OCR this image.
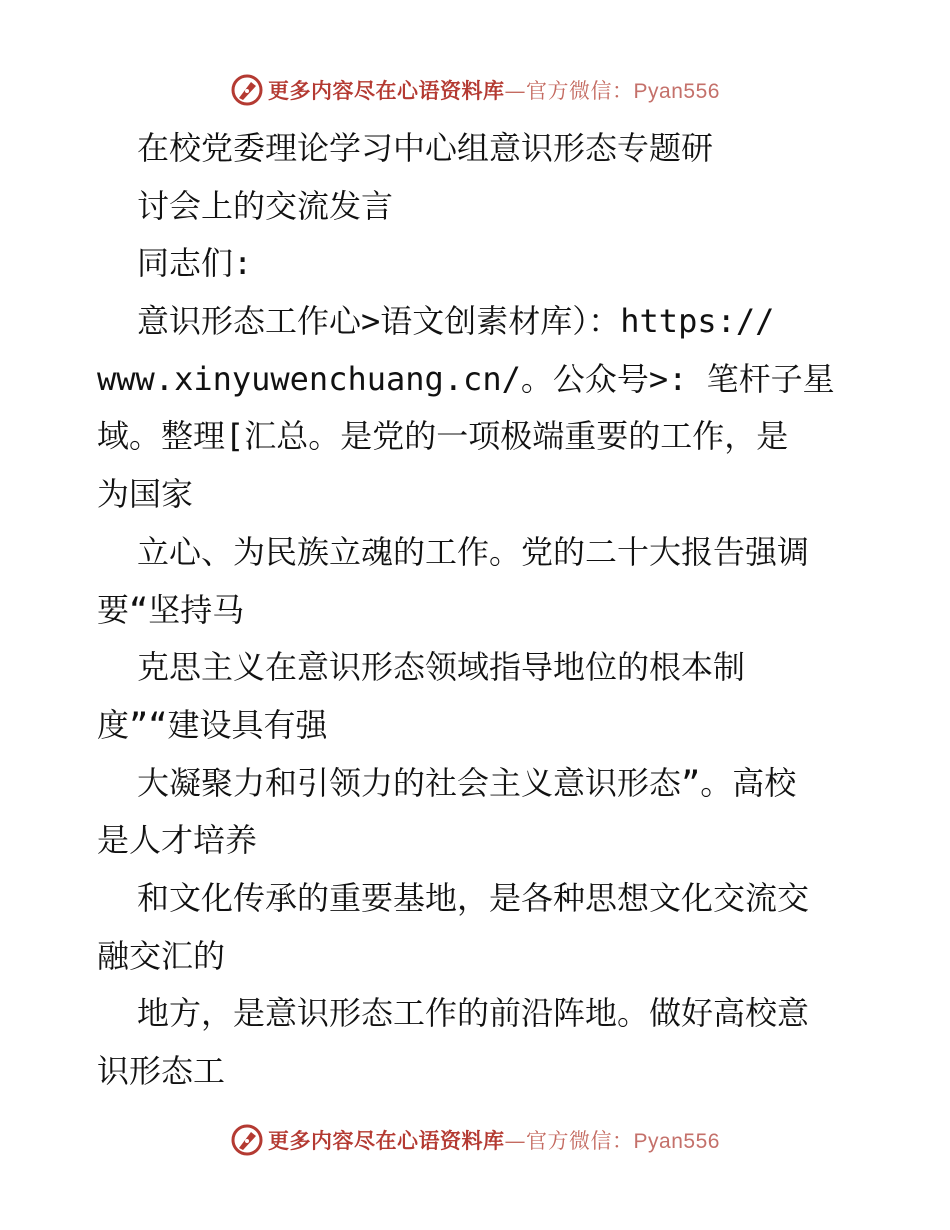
更多内容尽在心语资料库—官方微信：Pyan556
在校党委理论学习中心组意识形态专题研
讨会上的交流发言
同志们:
意识形态工作心>语文创素材库）：https://
www.xinyuwenchuang.cn/。公众号>: 笔杆子星
域。整理[汇总。是党的一项极端重要的工作，是
为国家
立心、为民族立魂的工作。党的二十大报告强调
要“坚持马
克思主义在意识形态领域指导地位的根本制
度”“建设具有强
大凝聚力和引领力的社会主义意识形态”。高校
是人才培养
和文化传承的重要基地，是各种思想文化交流交
融交汇的
地方，是意识形态工作的前沿阵地。做好高校意
识形态工
更多内容尽在心语资料库—官方微信：Pyan556
